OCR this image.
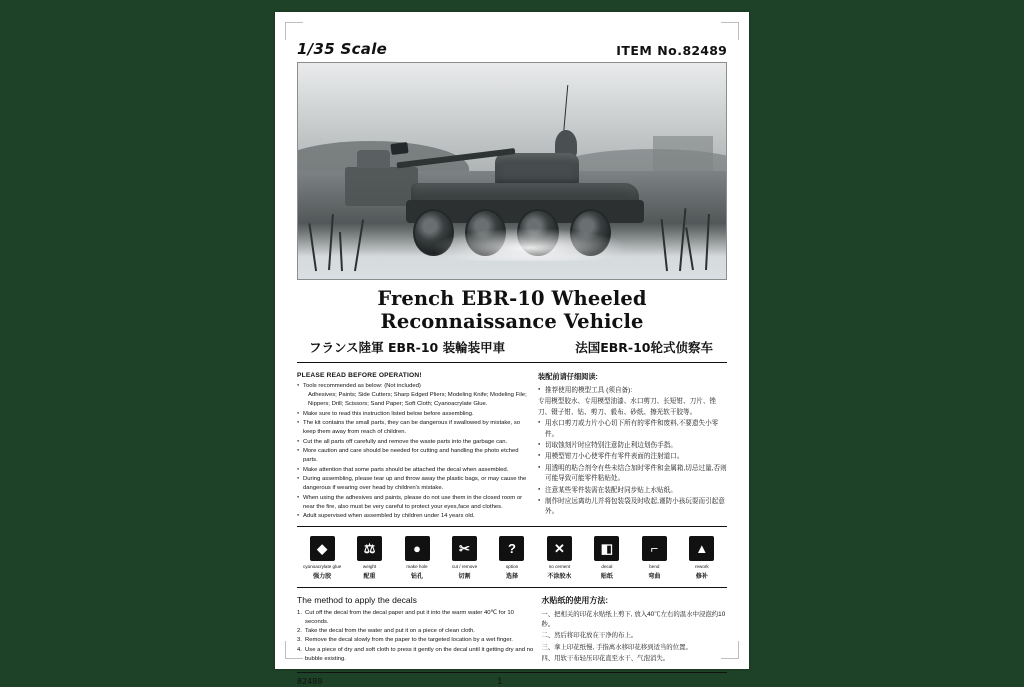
1/35 Scale	ITEM No.82489
French EBR-10 Wheeled Reconnaissance Vehicle
フランス陸軍 EBR-10 装輪装甲車	法国EBR-10轮式侦察车
PLEASE READ BEFORE OPERATION!
● Tools recommended as below: (Not included)
Adhesives; Paints; Side Cutters; Sharp Edged Pliers; Modeling Knife; Modeling File; Nippers; Drill; Scissors; Sand Paper; Soft Cloth; Cyanoacrylate Glue.
● Make sure to read this instruction listed below before assembling.
● The kit contains the small parts, they can be dangerous if swallowed by mistake, so keep them away from reach of children.
● Cut the all parts off carefully and remove the waste parts into the garbage can.
● More caution and care should be needed for cutting and handling the photo etched parts.
● Make attention that some parts should be attached the decal when assembled.
● During assembling, please tear up and throw away the plastic bags, or may cause the dangerous if wearing over head by children's mistake.
● When using the adhesives and paints, please do not use them in the closed room or near the fire, also must be very careful to protect your eyes,face and clothes.
● Adult supervised when assembled by children under 14 years old.
装配前请仔细阅读:
● 推荐使用的模型工具 (须自备):
专用模型胶水、专用模型油漆、水口剪刀、长短钳、刀片、锉刀、镊子钳、钻、剪刀、毅布、砂纸、擦光软干胶等。
● 用水口剪刀或力片小心切下所有的零件和废料,不要遗失小零件。
● 切取蚀刻片时应特别注意防止利边划伤手指。
● 用模型钳刀小心使零件有零件表面的注射道口。
● 用透明的粘合剂令有些未结合加时零件和金属箱,切忌过量,否则可能导致可能零件粘贴处。
● 注意某些零件装需在装配时同步贴上水贴纸。
● 制作时应远离幼儿并将包装袋及时收起,谨防小孩玩耍而引起意外。
◆
cyanoacrylate glue
强力胶
⚖
weight
配重
●
make hole
钻孔
✂
cut / remove
切割
?
option
选择
✕
no cement
不涂胶水
◧
decal
贴纸
⌐
bend
弯曲
▲
rework
修补
The method to apply the decals
Cut off the decal from the decal paper and put it into the warm water 40℃ for 10 seconds.
Take the decal from the water and put it on a piece of clean cloth.
Remove the decal slowly from the paper to the targeted location by a wet finger.
Use a piece of dry and soft cloth to press it gently on the decal until it getting dry and no bubble existing.
水贴纸的使用方法:
一、把相关的印花水贴纸上剪下, 放入40℃左右的温水中浸泡约10秒。
二、然后将印花放在干净的布上。
三、拿上印花纸慢, 手指离水移印花移到适当的位置。
四、用软干布轻压印花直至水干、气泡消失。
82489	1
